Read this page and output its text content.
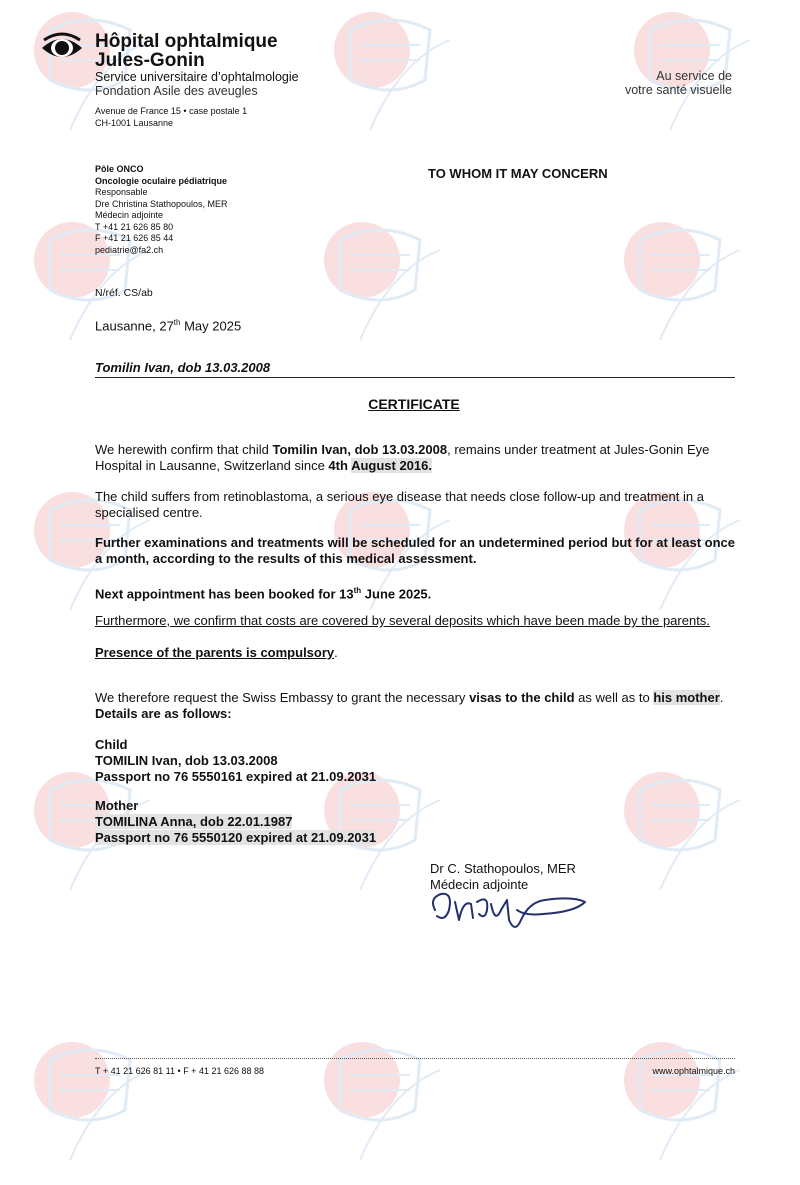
Hôpital ophtalmique
Jules-Gonin
Service universitaire d’ophtalmologie
Fondation Asile des aveugles
Au service de
votre santé visuelle
Avenue de France 15 • case postale 1
CH-1001 Lausanne
Pôle ONCO
Oncologie oculaire pédiatrique
Responsable
Dre Christina Stathopoulos, MER
Médecin adjointe
T +41 21 626 85 80
F +41 21 626 85 44
pediatrie@fa2.ch
TO WHOM IT MAY CONCERN
N/réf. CS/ab
Lausanne, 27th May 2025
Tomilin Ivan, dob 13.03.2008
CERTIFICATE
We herewith confirm that child Tomilin Ivan, dob 13.03.2008, remains under treatment at Jules-Gonin Eye Hospital in Lausanne, Switzerland since 4th August 2016.
The child suffers from retinoblastoma, a serious eye disease that needs close follow-up and treatment in a specialised centre.
Further examinations and treatments will be scheduled for an undetermined period but for at least once a month, according to the results of this medical assessment.
Next appointment has been booked for 13th June 2025.
Furthermore, we confirm that costs are covered by several deposits which have been made by the parents.
Presence of the parents is compulsory.
We therefore request the Swiss Embassy to grant the necessary visas to the child as well as to his mother.
Details are as follows:
Child
TOMILIN Ivan, dob 13.03.2008
Passport no 76 5550161 expired at 21.09.2031
Mother
TOMILINA Anna, dob 22.01.1987
Passport no 76 5550120 expired at 21.09.2031
Dr C. Stathopoulos, MER
Médecin adjointe
T + 41 21 626 81 11 • F + 41 21 626 88 88	www.ophtalmique.ch
